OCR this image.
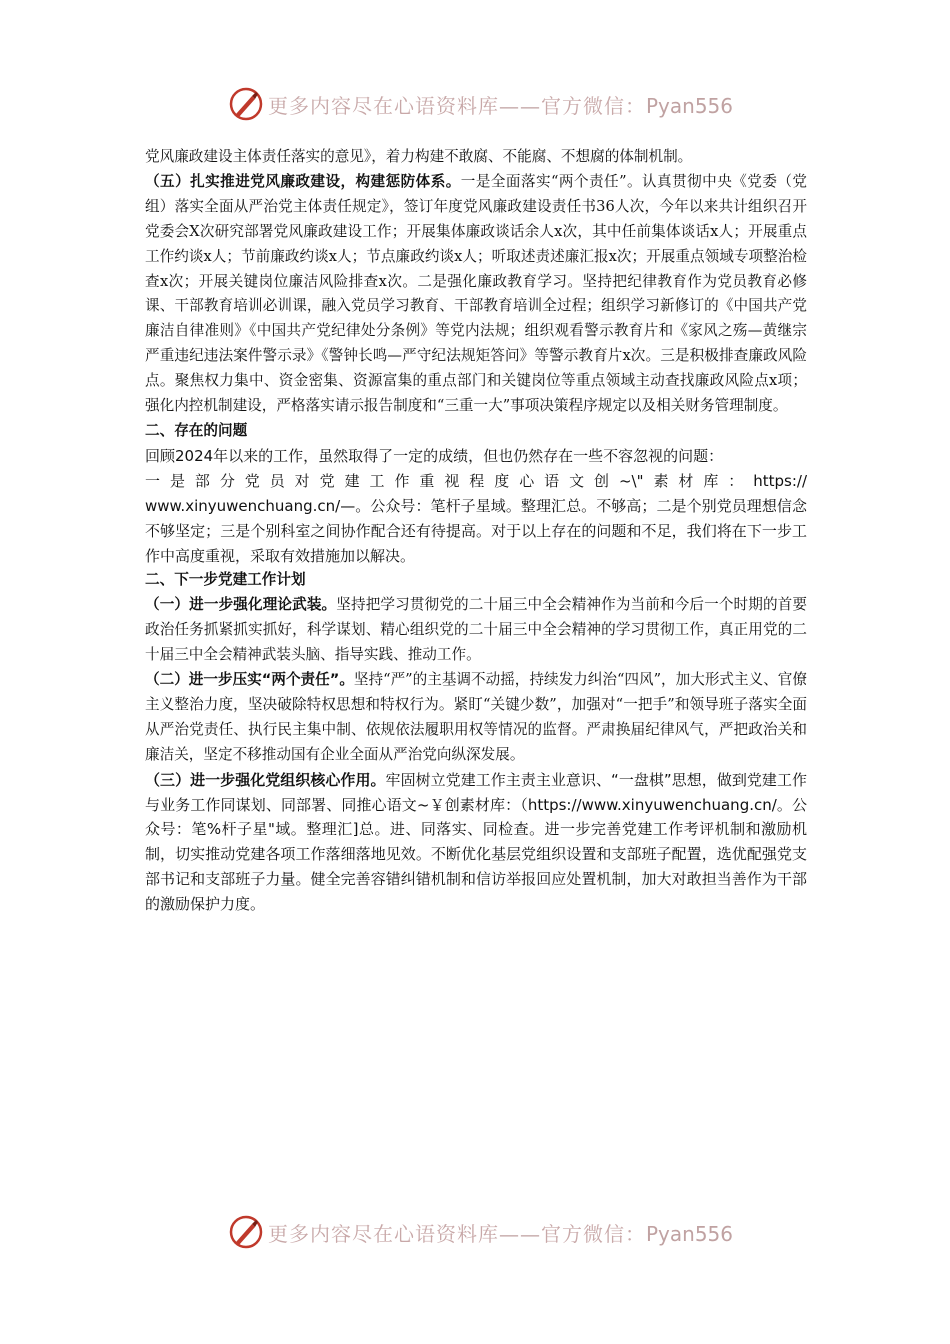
更多内容尽在心语资料库——官方微信：Pyan556

党风廉政建设主体责任落实的意见》，着力构建不敢腐、不能腐、不想腐的体制机制。

（五）扎实推进党风廉政建设，构建惩防体系。一是全面落实“两个责任”。认真贯彻中央《党委（党组）落实全面从严治党主体责任规定》，签订年度党风廉政建设责任书36人次，今年以来共计组织召开党委会X次研究部署党风廉政建设工作；开展集体廉政谈话余人x次，其中任前集体谈话x人；开展重点工作约谈x人；节前廉政约谈x人；节点廉政约谈x人；听取述责述廉汇报x次；开展重点领域专项整治检查x次；开展关键岗位廉洁风险排查x次。二是强化廉政教育学习。坚持把纪律教育作为党员教育必修课、干部教育培训必训课，融入党员学习教育、干部教育培训全过程；组织学习新修订的《中国共产党廉洁自律准则》《中国共产党纪律处分条例》等党内法规；组织观看警示教育片和《家风之殇—黄继宗严重违纪违法案件警示录》《警钟长鸣—严守纪法规矩答问》等警示教育片x次。三是积极排查廉政风险点。聚焦权力集中、资金密集、资源富集的重点部门和关键岗位等重点领域主动查找廉政风险点x项；强化内控机制建设，严格落实请示报告制度和“三重一大”事项决策程序规定以及相关财务管理制度。

二、存在的问题

回顾2024年以来的工作，虽然取得了一定的成绩，但也仍然存在一些不容忽视的问题：

一是部分党员对党建工作重视程度心语文创~\"素材库：https://

www.xinyuwenchuang.cn/—。公众号：笔杆子星域。整理汇总。不够高；二是个别党员理想信念不够坚定；三是个别科室之间协作配合还有待提高。对于以上存在的问题和不足，我们将在下一步工作中高度重视，采取有效措施加以解决。

二、下一步党建工作计划

（一）进一步强化理论武装。坚持把学习贯彻党的二十届三中全会精神作为当前和今后一个时期的首要政治任务抓紧抓实抓好，科学谋划、精心组织党的二十届三中全会精神的学习贯彻工作，真正用党的二十届三中全会精神武装头脑、指导实践、推动工作。

（二）进一步压实“两个责任”。坚持“严”的主基调不动摇，持续发力纠治“四风”，加大形式主义、官僚主义整治力度，坚决破除特权思想和特权行为。紧盯“关键少数”，加强对“一把手”和领导班子落实全面从严治党责任、执行民主集中制、依规依法履职用权等情况的监督。严肃换届纪律风气，严把政治关和廉洁关，坚定不移推动国有企业全面从严治党向纵深发展。

（三）进一步强化党组织核心作用。牢固树立党建工作主责主业意识、“一盘棋”思想，做到党建工作与业务工作同谋划、同部署、同推心语文~￥创素材库：（https://www.xinyuwenchuang.cn/。公众号：笔%杆子星"域。整理汇]总。进、同落实、同检查。进一步完善党建工作考评机制和激励机制，切实推动党建各项工作落细落地见效。不断优化基层党组织设置和支部班子配置，选优配强党支部书记和支部班子力量。健全完善容错纠错机制和信访举报回应处置机制，加大对敢担当善作为干部的激励保护力度。

更多内容尽在心语资料库——官方微信：Pyan556
